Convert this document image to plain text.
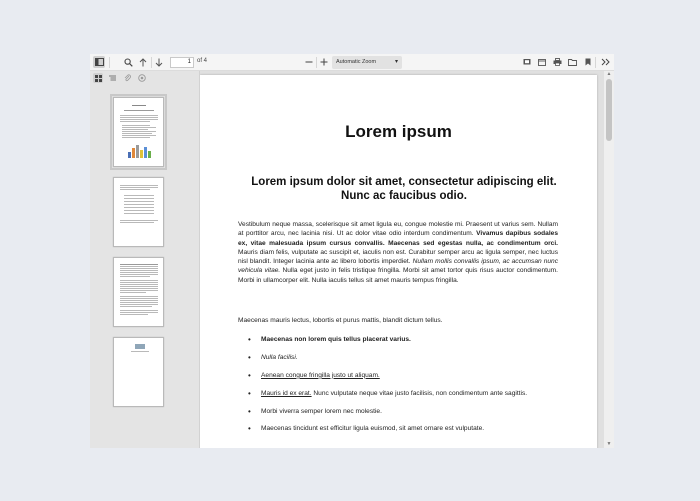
1	of 4	Automatic Zoom	▾
Lorem ipsum
Lorem ipsum dolor sit amet, consectetur adipiscing elit. Nunc ac faucibus odio.

Vestibulum neque massa, scelerisque sit amet ligula eu, congue molestie mi. Praesent ut varius sem. Nullam at porttitor arcu, nec lacinia nisi. Ut ac dolor vitae odio interdum condimentum. Vivamus dapibus sodales ex, vitae malesuada ipsum cursus convallis. Maecenas sed egestas nulla, ac condimentum orci. Mauris diam felis, vulputate ac suscipit et, iaculis non est. Curabitur semper arcu ac ligula semper, nec luctus nisl blandit. Integer lacinia ante ac libero lobortis imperdiet. Nullam mollis convallis ipsum, ac accumsan nunc vehicula vitae. Nulla eget justo in felis tristique fringilla. Morbi sit amet tortor quis risus auctor condimentum. Morbi in ullamcorper elit. Nulla iaculis tellus sit amet mauris tempus fringilla.

Maecenas mauris lectus, lobortis et purus mattis, blandit dictum tellus.

• Maecenas non lorem quis tellus placerat varius.
• Nulla facilisi.
• Aenean congue fringilla justo ut aliquam.
• Mauris id ex erat. Nunc vulputate neque vitae justo facilisis, non condimentum ante sagittis.
• Morbi viverra semper lorem nec molestie.
• Maecenas tincidunt est efficitur ligula euismod, sit amet ornare est vulputate.
▲
▼
